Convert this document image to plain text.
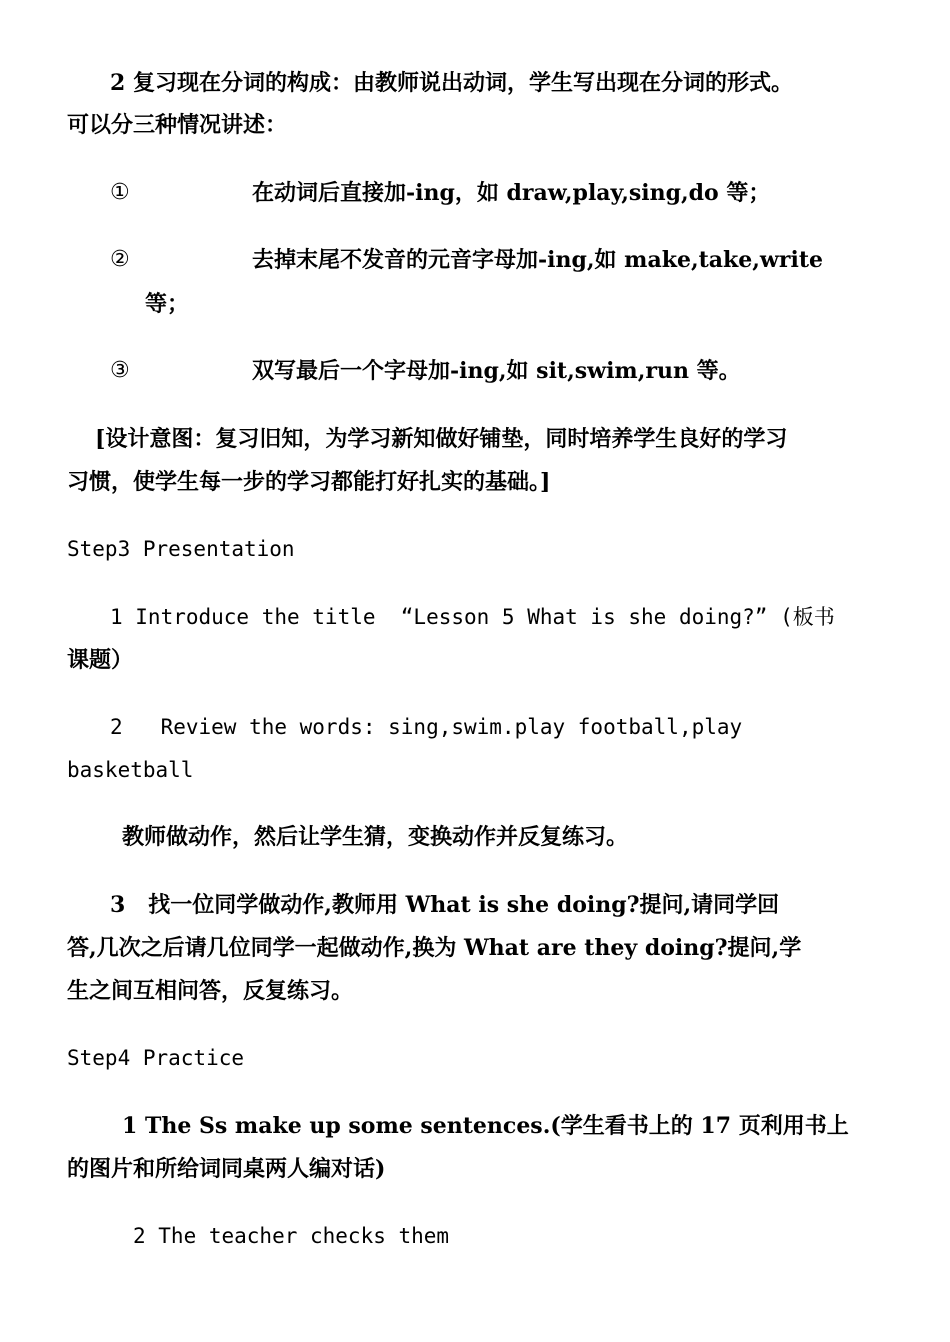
2 复习现在分词的构成：由教师说出动词，学生写出现在分词的形式。
可以分三种情况讲述：
①	在动词后直接加-ing，如 draw,play,sing,do 等；
②	去掉末尾不发音的元音字母加-ing,如 make,take,write
等；
③	双写最后一个字母加-ing,如 sit,swim,run 等。
[设计意图：复习旧知，为学习新知做好铺垫，同时培养学生良好的学习
习惯，使学生每一步的学习都能打好扎实的基础。]
Step3 Presentation
1 Introduce the title  “Lesson 5 What is she doing?” (板书
课题）
2   Review the words: sing,swim.play football,play
basketball
教师做动作，然后让学生猜，变换动作并反复练习。
3   找一位同学做动作,教师用 What is she doing?提问,请同学回
答,几次之后请几位同学一起做动作,换为 What are they doing?提问,学
生之间互相问答，反复练习。
Step4 Practice
1 The Ss make up some sentences.(学生看书上的 17 页利用书上
的图片和所给词同桌两人编对话)
2 The teacher checks them
